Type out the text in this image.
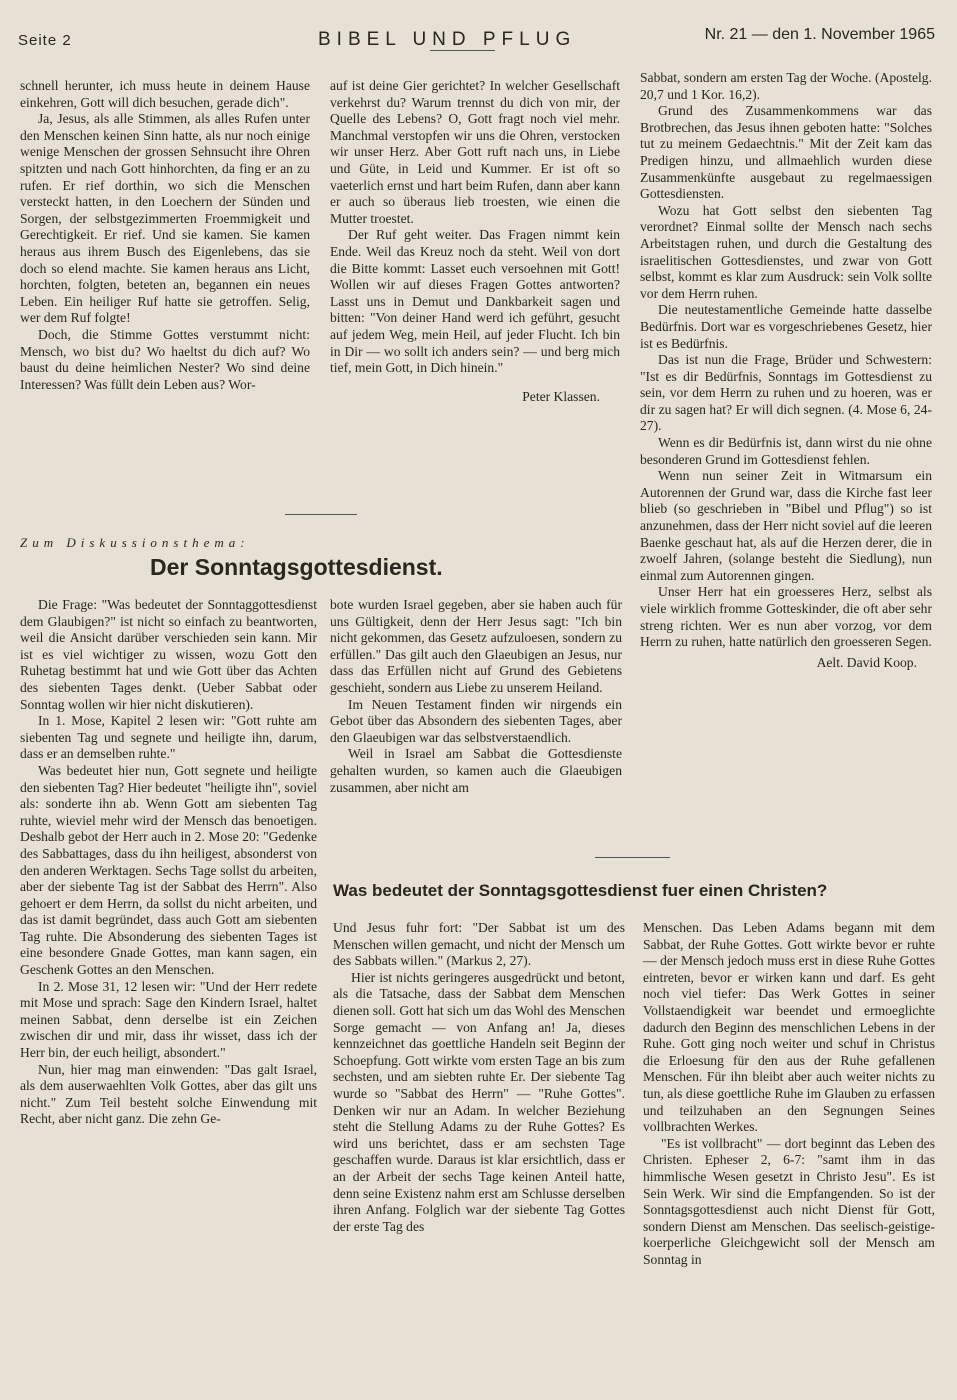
Seite 2	BIBEL UND PFLUG	Nr. 21 — den 1. November 1965

schnell herunter, ich muss heute in deinem Hause einkehren, Gott will dich besuchen, gerade dich".

Ja, Jesus, als alle Stimmen, als alles Rufen unter den Menschen keinen Sinn hatte, als nur noch einige wenige Menschen der grossen Sehnsucht ihre Ohren spitzten und nach Gott hinhorchten, da fing er an zu rufen. Er rief dorthin, wo sich die Menschen versteckt hatten, in den Loechern der Sünden und Sorgen, der selbstgezimmerten Froemmigkeit und Gerechtigkeit. Er rief. Und sie kamen. Sie kamen heraus aus ihrem Busch des Eigenlebens, das sie doch so elend machte. Sie kamen heraus ans Licht, horchten, folgten, beteten an, begannen ein neues Leben. Ein heiliger Ruf hatte sie getroffen. Selig, wer dem Ruf folgte!

Doch, die Stimme Gottes verstummt nicht: Mensch, wo bist du? Wo haeltst du dich auf? Wo baust du deine heimlichen Nester? Wo sind deine Interessen? Was füllt dein Leben aus? Wor-

auf ist deine Gier gerichtet? In welcher Gesellschaft verkehrst du? Warum trennst du dich von mir, der Quelle des Lebens? O, Gott fragt noch viel mehr. Manchmal verstopfen wir uns die Ohren, verstocken wir unser Herz. Aber Gott ruft nach uns, in Liebe und Güte, in Leid und Kummer. Er ist oft so vaeterlich ernst und hart beim Rufen, dann aber kann er auch so überaus lieb troesten, wie einen die Mutter troestet.

Der Ruf geht weiter. Das Fragen nimmt kein Ende. Weil das Kreuz noch da steht. Weil von dort die Bitte kommt: Lasset euch versoehnen mit Gott! Wollen wir auf dieses Fragen Gottes antworten? Lasst uns in Demut und Dankbarkeit sagen und bitten: "Von deiner Hand werd ich geführt, gesucht auf jedem Weg, mein Heil, auf jeder Flucht. Ich bin in Dir — wo sollt ich anders sein? — und berg mich tief, mein Gott, in Dich hinein."

Peter Klassen.

Zum Diskussionsthema:
Der Sonntagsgottesdienst.

Die Frage: "Was bedeutet der Sonntaggottesdienst dem Glaubigen?" ist nicht so einfach zu beantworten, weil die Ansicht darüber verschieden sein kann. Mir ist es viel wichtiger zu wissen, wozu Gott den Ruhetag bestimmt hat und wie Gott über das Achten des siebenten Tages denkt. (Ueber Sabbat oder Sonntag wollen wir hier nicht diskutieren).

In 1. Mose, Kapitel 2 lesen wir: "Gott ruhte am siebenten Tag und segnete und heiligte ihn, darum, dass er an demselben ruhte."

Was bedeutet hier nun, Gott segnete und heiligte den siebenten Tag? Hier bedeutet "heiligte ihn", soviel als: sonderte ihn ab. Wenn Gott am siebenten Tag ruhte, wieviel mehr wird der Mensch das benoetigen. Deshalb gebot der Herr auch in 2. Mose 20: "Gedenke des Sabbattages, dass du ihn heiligest, absonderst von den anderen Werktagen. Sechs Tage sollst du arbeiten, aber der siebente Tag ist der Sabbat des Herrn". Also gehoert er dem Herrn, da sollst du nicht arbeiten, und das ist damit begründet, dass auch Gott am siebenten Tag ruhte. Die Absonderung des siebenten Tages ist eine besondere Gnade Gottes, man kann sagen, ein Geschenk Gottes an den Menschen.

In 2. Mose 31, 12 lesen wir: "Und der Herr redete mit Mose und sprach: Sage den Kindern Israel, haltet meinen Sabbat, denn derselbe ist ein Zeichen zwischen dir und mir, dass ihr wisset, dass ich der Herr bin, der euch heiligt, absondert."

Nun, hier mag man einwenden: "Das galt Israel, als dem auserwaehlten Volk Gottes, aber das gilt uns nicht." Zum Teil besteht solche Einwendung mit Recht, aber nicht ganz. Die zehn Ge-

bote wurden Israel gegeben, aber sie haben auch für uns Gültigkeit, denn der Herr Jesus sagt: "Ich bin nicht gekommen, das Gesetz aufzuloesen, sondern zu erfüllen." Das gilt auch den Glaeubigen an Jesus, nur dass das Erfüllen nicht auf Grund des Gebietens geschieht, sondern aus Liebe zu unserem Heiland.

Im Neuen Testament finden wir nirgends ein Gebot über das Absondern des siebenten Tages, aber den Glaeubigen war das selbstverstaendlich.

Weil in Israel am Sabbat die Gottesdienste gehalten wurden, so kamen auch die Glaeubigen zusammen, aber nicht am

Sabbat, sondern am ersten Tag der Woche. (Apostelg. 20,7 und 1 Kor. 16,2).

Grund des Zusammenkommens war das Brotbrechen, das Jesus ihnen geboten hatte: "Solches tut zu meinem Gedaechtnis." Mit der Zeit kam das Predigen hinzu, und allmaehlich wurden diese Zusammenkünfte ausgebaut zu regelmaessigen Gottesdiensten.

Wozu hat Gott selbst den siebenten Tag verordnet? Einmal sollte der Mensch nach sechs Arbeitstagen ruhen, und durch die Gestaltung des israelitischen Gottesdienstes, und zwar von Gott selbst, kommt es klar zum Ausdruck: sein Volk sollte vor dem Herrn ruhen.

Die neutestamentliche Gemeinde hatte dasselbe Bedürfnis. Dort war es vorgeschriebenes Gesetz, hier ist es Bedürfnis.

Das ist nun die Frage, Brüder und Schwestern: "Ist es dir Bedürfnis, Sonntags im Gottesdienst zu sein, vor dem Herrn zu ruhen und zu hoeren, was er dir zu sagen hat? Er will dich segnen. (4. Mose 6, 24-27).

Wenn es dir Bedürfnis ist, dann wirst du nie ohne besonderen Grund im Gottesdienst fehlen.

Wenn nun seiner Zeit in Witmarsum ein Autorennen der Grund war, dass die Kirche fast leer blieb (so geschrieben in "Bibel und Pflug") so ist anzunehmen, dass der Herr nicht soviel auf die leeren Baenke geschaut hat, als auf die Herzen derer, die in zwoelf Jahren, (solange besteht die Siedlung), nun einmal zum Autorennen gingen.

Unser Herr hat ein groesseres Herz, selbst als viele wirklich fromme Gotteskinder, die oft aber sehr streng richten. Wer es nun aber vorzog, vor dem Herrn zu ruhen, hatte natürlich den groesseren Segen.

Aelt. David Koop.

Was bedeutet der Sonntagsgottesdienst fuer einen Christen?

Und Jesus fuhr fort: "Der Sabbat ist um des Menschen willen gemacht, und nicht der Mensch um des Sabbats willen." (Markus 2, 27).

Hier ist nichts geringeres ausgedrückt und betont, als die Tatsache, dass der Sabbat dem Menschen dienen soll. Gott hat sich um das Wohl des Menschen Sorge gemacht — von Anfang an! Ja, dieses kennzeichnet das goettliche Handeln seit Beginn der Schoepfung. Gott wirkte vom ersten Tage an bis zum sechsten, und am siebten ruhte Er. Der siebente Tag wurde so "Sabbat des Herrn" — "Ruhe Gottes". Denken wir nur an Adam. In welcher Beziehung steht die Stellung Adams zu der Ruhe Gottes? Es wird uns berichtet, dass er am sechsten Tage geschaffen wurde. Daraus ist klar ersichtlich, dass er an der Arbeit der sechs Tage keinen Anteil hatte, denn seine Existenz nahm erst am Schlusse derselben ihren Anfang. Folglich war der siebente Tag Gottes der erste Tag des

Menschen. Das Leben Adams begann mit dem Sabbat, der Ruhe Gottes. Gott wirkte bevor er ruhte — der Mensch jedoch muss erst in diese Ruhe Gottes eintreten, bevor er wirken kann und darf. Es geht noch viel tiefer: Das Werk Gottes in seiner Vollstaendigkeit war beendet und ermoeglichte dadurch den Beginn des menschlichen Lebens in der Ruhe. Gott ging noch weiter und schuf in Christus die Erloesung für den aus der Ruhe gefallenen Menschen. Für ihn bleibt aber auch weiter nichts zu tun, als diese goettliche Ruhe im Glauben zu erfassen und teilzuhaben an den Segnungen Seines vollbrachten Werkes.

"Es ist vollbracht" — dort beginnt das Leben des Christen. Epheser 2, 6-7: "samt ihm in das himmlische Wesen gesetzt in Christo Jesu". Es ist Sein Werk. Wir sind die Empfangenden. So ist der Sonntagsgottesdienst auch nicht Dienst für Gott, sondern Dienst am Menschen. Das seelisch-geistige-koerperliche Gleichgewicht soll der Mensch am Sonntag in
